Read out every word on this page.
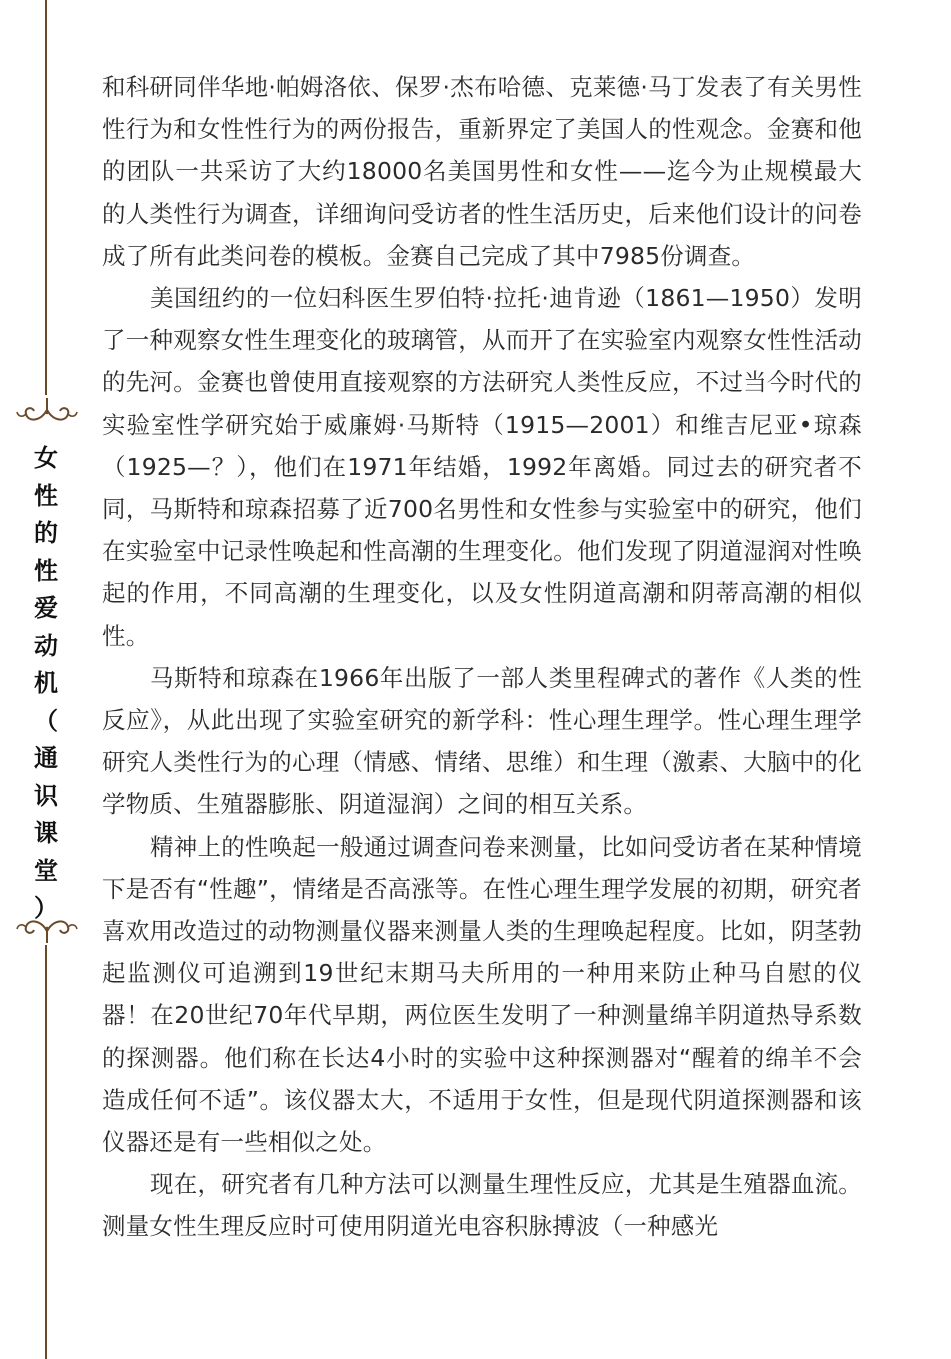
女
性
的
性
爱
动
机
（
通
识
课
堂
）

和科研同伴华地·帕姆洛依、保罗·杰布哈德、克莱德·马丁发表了有关男性性行为和女性性行为的两份报告，重新界定了美国人的性观念。金赛和他的团队一共采访了大约18000名美国男性和女性——迄今为止规模最大的人类性行为调查，详细询问受访者的性生活历史，后来他们设计的问卷成了所有此类问卷的模板。金赛自己完成了其中7985份调查。

美国纽约的一位妇科医生罗伯特·拉托·迪肯逊（1861—1950）发明了一种观察女性生理变化的玻璃管，从而开了在实验室内观察女性性活动的先河。金赛也曾使用直接观察的方法研究人类性反应，不过当今时代的实验室性学研究始于威廉姆·马斯特（1915—2001）和维吉尼亚•琼森（1925—？），他们在1971年结婚，1992年离婚。同过去的研究者不同，马斯特和琼森招募了近700名男性和女性参与实验室中的研究，他们在实验室中记录性唤起和性高潮的生理变化。他们发现了阴道湿润对性唤起的作用，不同高潮的生理变化，以及女性阴道高潮和阴蒂高潮的相似性。

马斯特和琼森在1966年出版了一部人类里程碑式的著作《人类的性反应》，从此出现了实验室研究的新学科：性心理生理学。性心理生理学研究人类性行为的心理（情感、情绪、思维）和生理（激素、大脑中的化学物质、生殖器膨胀、阴道湿润）之间的相互关系。

精神上的性唤起一般通过调查问卷来测量，比如问受访者在某种情境下是否有“性趣”，情绪是否高涨等。在性心理生理学发展的初期，研究者喜欢用改造过的动物测量仪器来测量人类的生理唤起程度。比如，阴茎勃起监测仪可追溯到19世纪末期马夫所用的一种用来防止种马自慰的仪器！在20世纪70年代早期，两位医生发明了一种测量绵羊阴道热导系数的探测器。他们称在长达4小时的实验中这种探测器对“醒着的绵羊不会造成任何不适”。该仪器太大，不适用于女性，但是现代阴道探测器和该仪器还是有一些相似之处。

现在，研究者有几种方法可以测量生理性反应，尤其是生殖器血流。测量女性生理反应时可使用阴道光电容积脉搏波（一种感光
